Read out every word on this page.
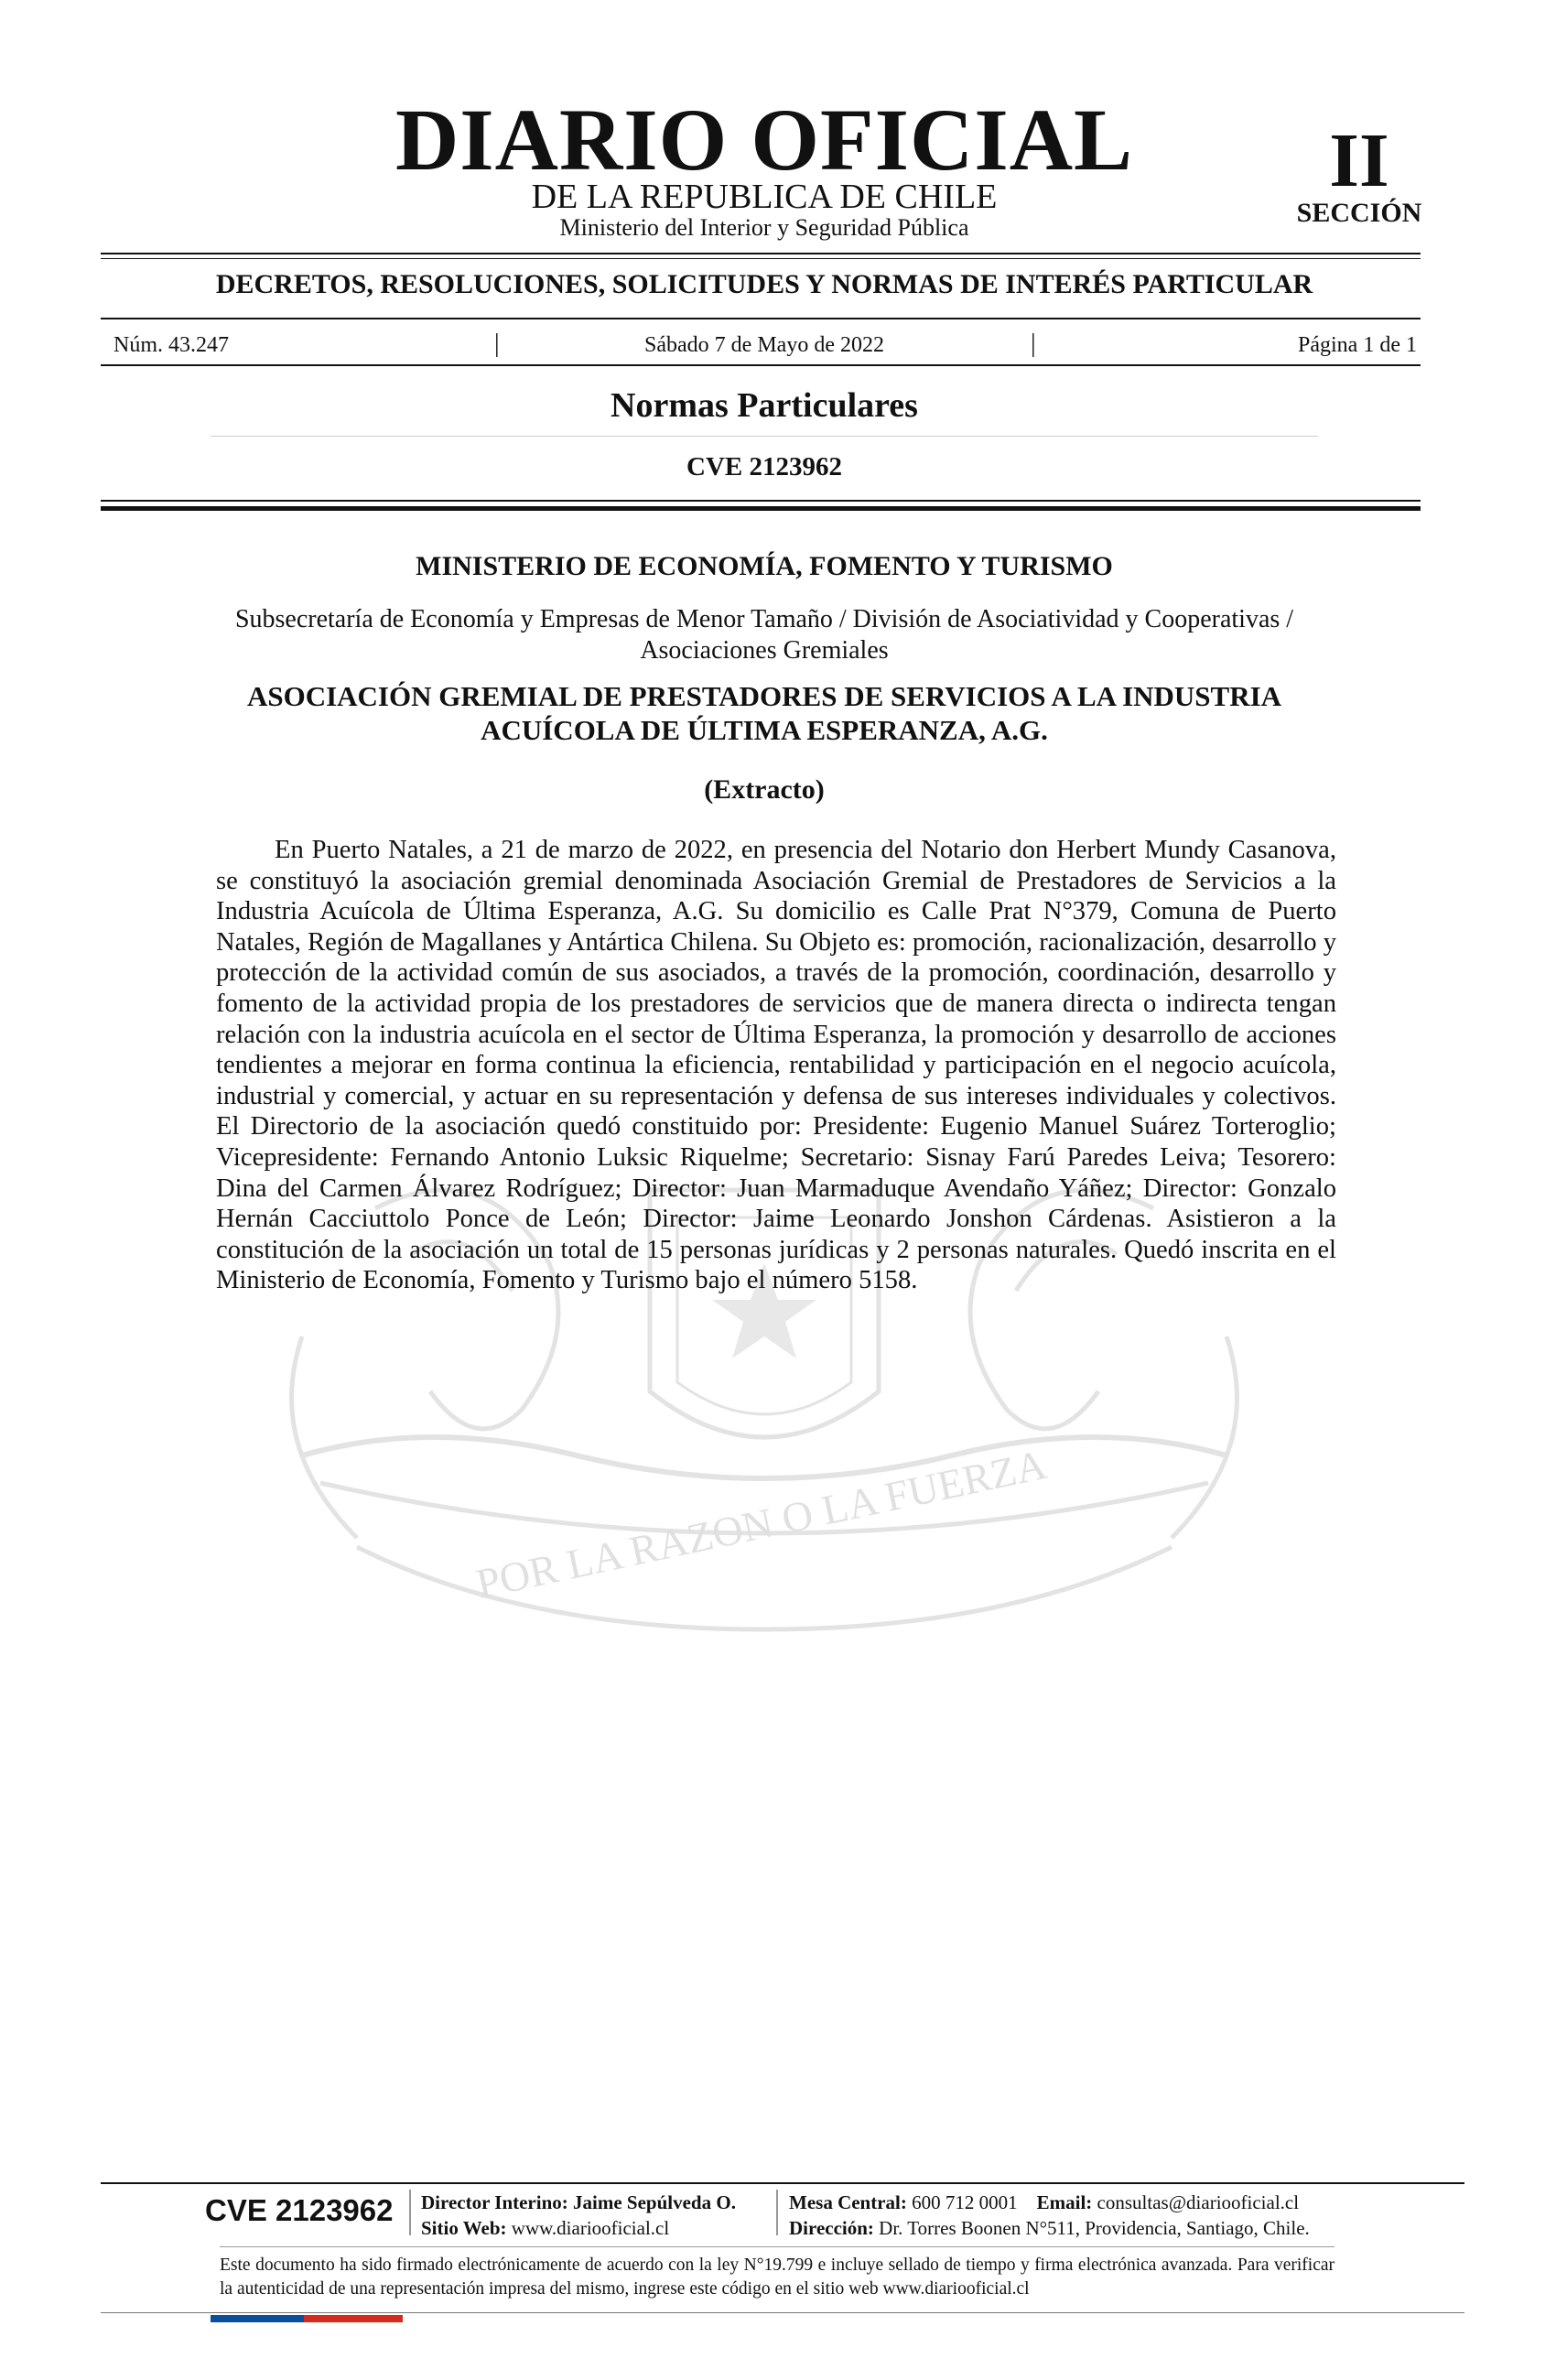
DIARIO OFICIAL
DE LA REPUBLICA DE CHILE
Ministerio del Interior y Seguridad Pública
II
SECCIÓN
DECRETOS, RESOLUCIONES, SOLICITUDES Y NORMAS DE INTERÉS PARTICULAR
Núm. 43.247	|	Sábado 7 de Mayo de 2022	|	Página 1 de 1
Normas Particulares
CVE 2123962
POR LA RAZON O LA FUERZA
MINISTERIO DE ECONOMÍA, FOMENTO Y TURISMO
Subsecretaría de Economía y Empresas de Menor Tamaño / División de Asociatividad y Cooperativas / Asociaciones Gremiales
ASOCIACIÓN GREMIAL DE PRESTADORES DE SERVICIOS A LA INDUSTRIA ACUÍCOLA DE ÚLTIMA ESPERANZA, A.G.
(Extracto)
En Puerto Natales, a 21 de marzo de 2022, en presencia del Notario don Herbert Mundy Casanova, se constituyó la asociación gremial denominada Asociación Gremial de Prestadores de Servicios a la Industria Acuícola de Última Esperanza, A.G. Su domicilio es Calle Prat N°379, Comuna de Puerto Natales, Región de Magallanes y Antártica Chilena. Su Objeto es: promoción, racionalización, desarrollo y protección de la actividad común de sus asociados, a través de la promoción, coordinación, desarrollo y fomento de la actividad propia de los prestadores de servicios que de manera directa o indirecta tengan relación con la industria acuícola en el sector de Última Esperanza, la promoción y desarrollo de acciones tendientes a mejorar en forma continua la eficiencia, rentabilidad y participación en el negocio acuícola, industrial y comercial, y actuar en su representación y defensa de sus intereses individuales y colectivos. El Directorio de la asociación quedó constituido por: Presidente: Eugenio Manuel Suárez Torteroglio; Vicepresidente: Fernando Antonio Luksic Riquelme; Secretario: Sisnay Farú Paredes Leiva; Tesorero: Dina del Carmen Álvarez Rodríguez; Director: Juan Marmaduque Avendaño Yáñez; Director: Gonzalo Hernán Cacciuttolo Ponce de León; Director: Jaime Leonardo Jonshon Cárdenas. Asistieron a la constitución de la asociación un total de 15 personas jurídicas y 2 personas naturales. Quedó inscrita en el Ministerio de Economía, Fomento y Turismo bajo el número 5158.
CVE 2123962 Director Interino: Jaime Sepúlveda O.
Sitio Web: www.diariooficial.cl
Mesa Central: 600 712 0001 Email: consultas@diariooficial.cl
Dirección: Dr. Torres Boonen N°511, Providencia, Santiago, Chile.
Este documento ha sido firmado electrónicamente de acuerdo con la ley N°19.799 e incluye sellado de tiempo y firma electrónica avanzada. Para verificar la autenticidad de una representación impresa del mismo, ingrese este código en el sitio web www.diariooficial.cl
